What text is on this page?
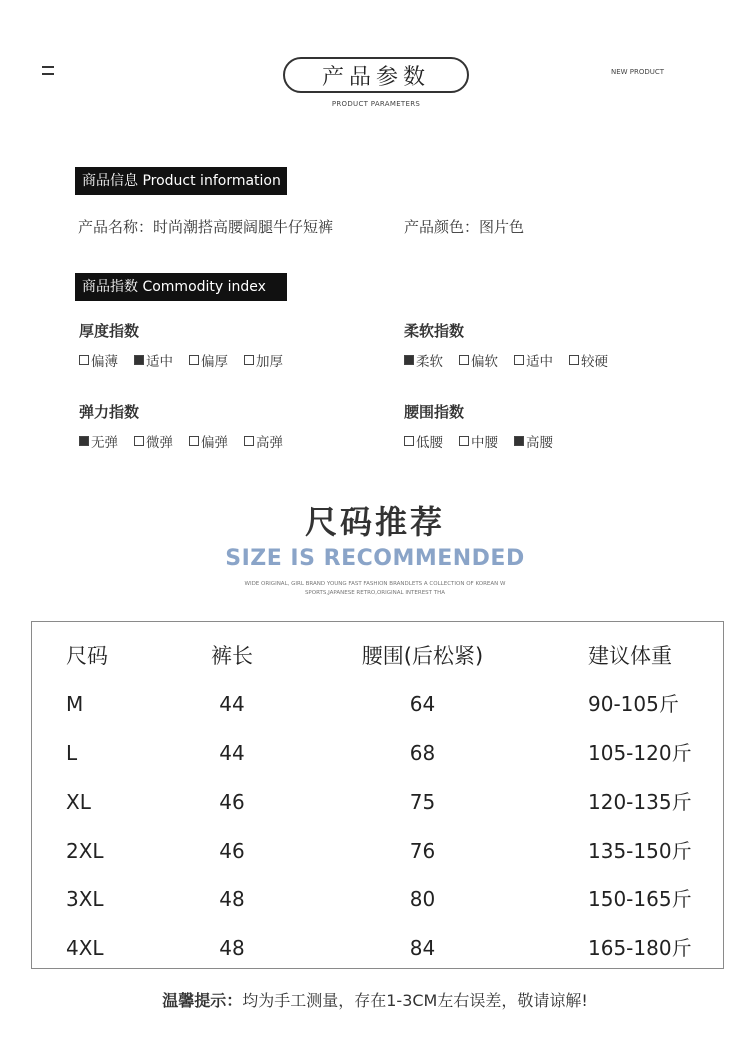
产品参数
PRODUCT PARAMETERS
NEW PRODUCT
商品信息 Product information
产品名称：时尚潮搭高腰阔腿牛仔短裤	产品颜色：图片色
商品指数 Commodity index
厚度指数
偏薄 适中 偏厚 加厚
柔软指数
柔软 偏软 适中 较硬
弹力指数
无弹 微弹 偏弹 高弹
腰围指数
低腰 中腰 高腰
尺码推荐
SIZE IS RECOMMENDED
WIDE ORIGINAL, GIRL BRAND YOUNG FAST FASHION BRANDLETS A COLLECTION OF KOREAN W
SPORTS,JAPANESE RETRO,ORIGINAL INTEREST THA
尺码	裤长	腰围(后松紧)	建议体重
M	44	64	90-105斤
L	44	68	105-120斤
XL	46	75	120-135斤
2XL	46	76	135-150斤
3XL	48	80	150-165斤
4XL	48	84	165-180斤
温馨提示：均为手工测量，存在1-3CM左右误差，敬请谅解!
